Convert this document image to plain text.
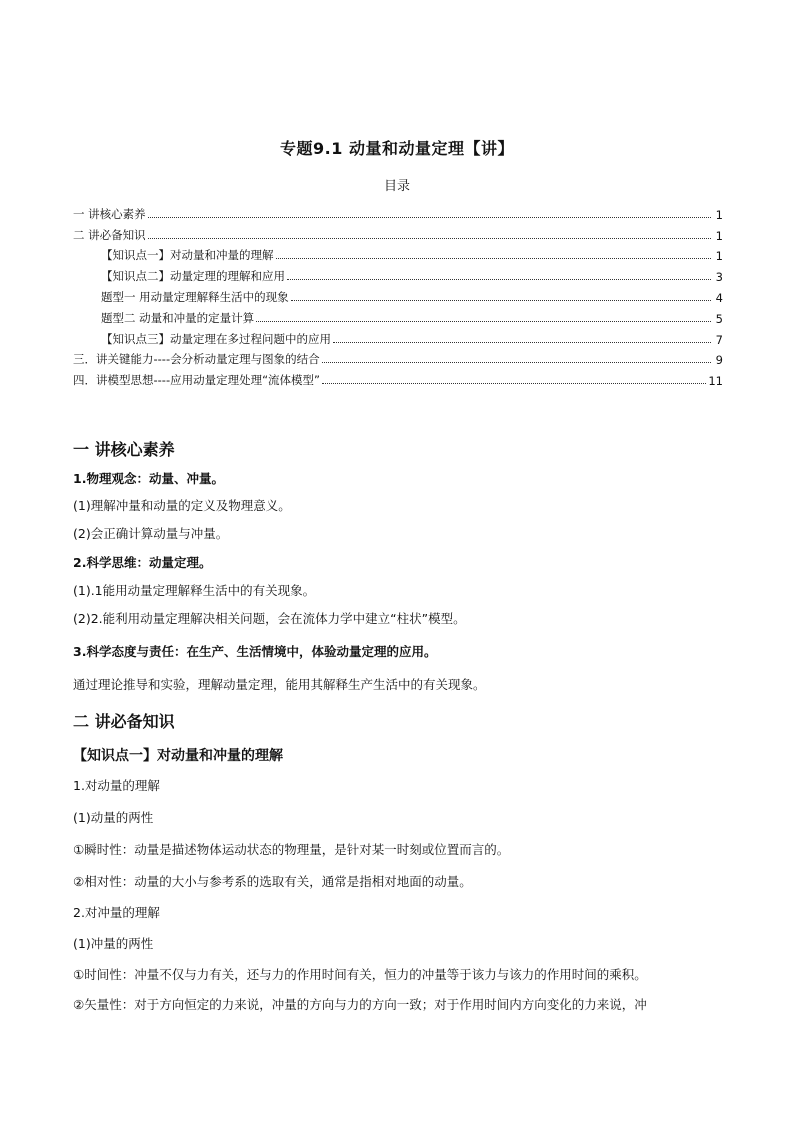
专题9.1 动量和动量定理【讲】
目录
一 讲核心素养	1
二 讲必备知识	1
【知识点一】对动量和冲量的理解	1
【知识点二】动量定理的理解和应用	3
题型一 用动量定理解释生活中的现象	4
题型二 动量和冲量的定量计算	5
【知识点三】动量定理在多过程问题中的应用	7
三．讲关键能力----会分析动量定理与图象的结合	9
四．讲模型思想----应用动量定理处理“流体模型”	11
一 讲核心素养
1.物理观念：动量、冲量。
(1)理解冲量和动量的定义及物理意义。
(2)会正确计算动量与冲量。
2.科学思维：动量定理。
(1).1能用动量定理解释生活中的有关现象。
(2)2.能利用动量定理解决相关问题，会在流体力学中建立“柱状”模型。
3.科学态度与责任：在生产、生活情境中，体验动量定理的应用。
通过理论推导和实验，理解动量定理，能用其解释生产生活中的有关现象。
二 讲必备知识
【知识点一】对动量和冲量的理解
1.对动量的理解
(1)动量的两性
①瞬时性：动量是描述物体运动状态的物理量，是针对某一时刻或位置而言的。
②相对性：动量的大小与参考系的选取有关，通常是指相对地面的动量。
2.对冲量的理解
(1)冲量的两性
①时间性：冲量不仅与力有关，还与力的作用时间有关，恒力的冲量等于该力与该力的作用时间的乘积。
②矢量性：对于方向恒定的力来说，冲量的方向与力的方向一致；对于作用时间内方向变化的力来说，冲
